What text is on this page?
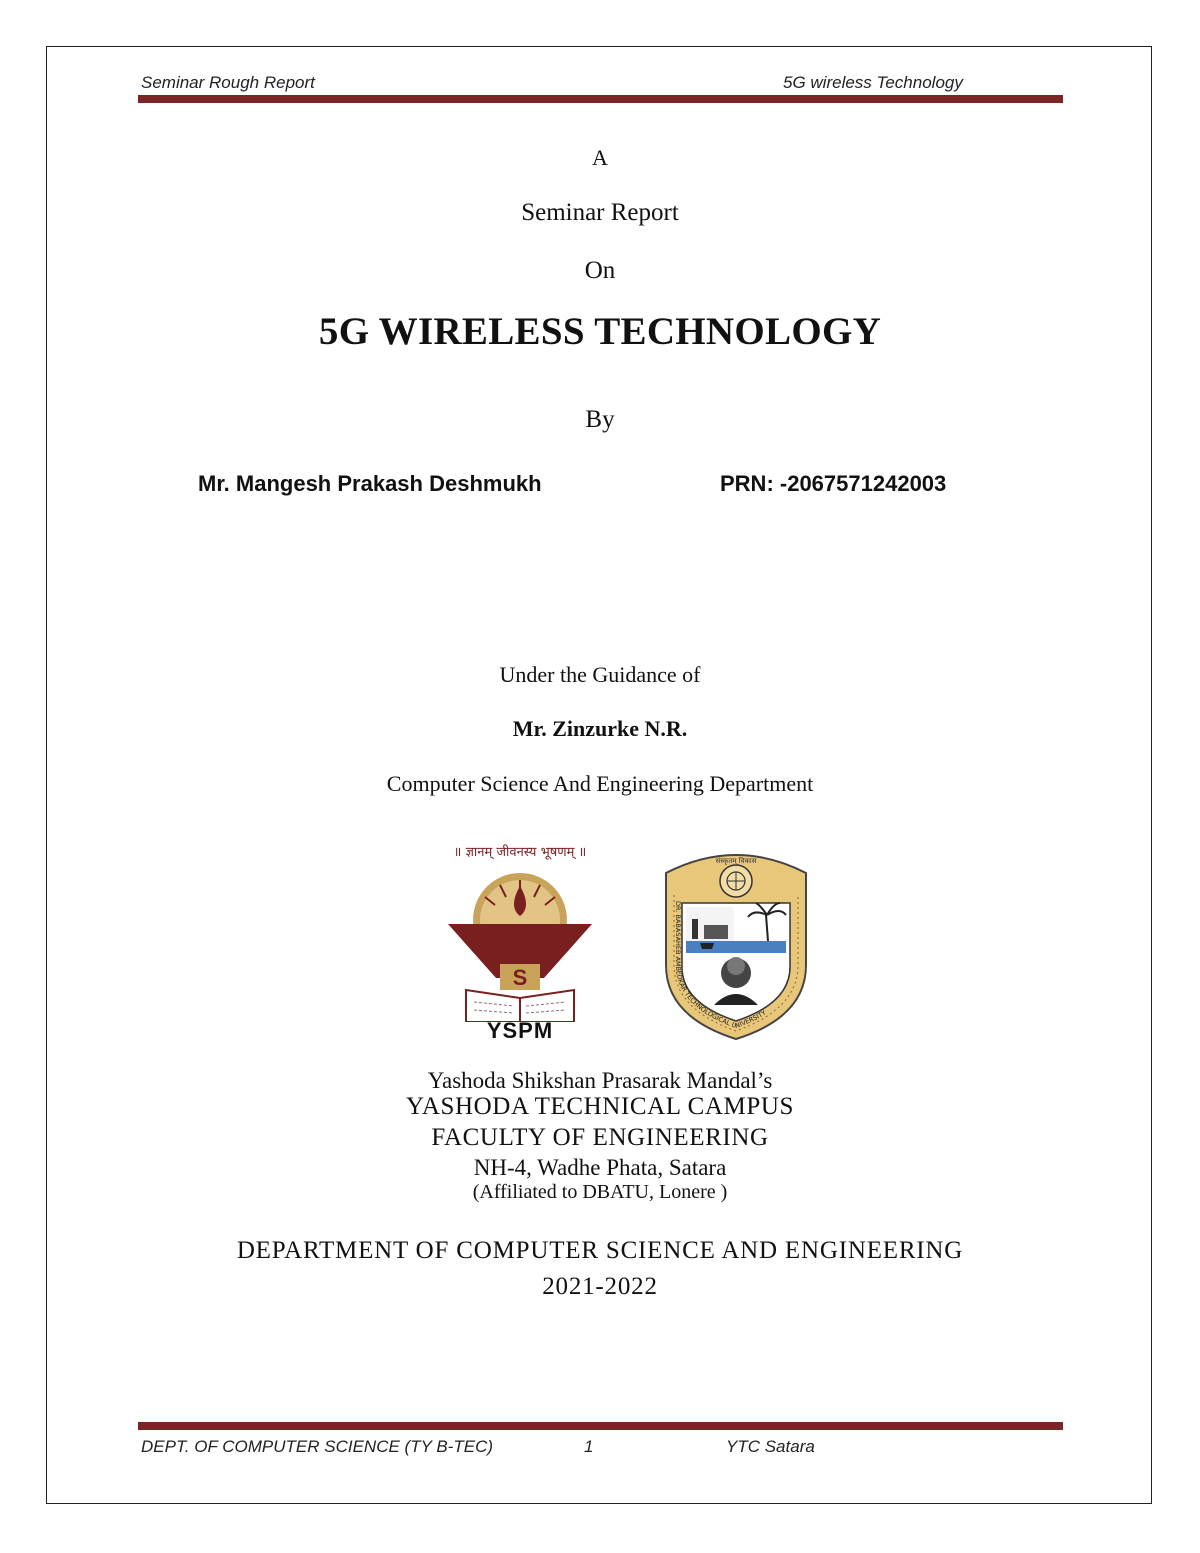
Seminar Rough Report	5G wireless Technology
A
Seminar Report
On
5G WIRELESS TECHNOLOGY
By
Mr. Mangesh Prakash Deshmukh	PRN: -2067571242003
Under the Guidance of
Mr. Zinzurke N.R.
Computer Science And Engineering Department
॥ ज्ञानम् जीवनस्य भूषणम् ॥
S
YSPM
संस्कृतम् विकास
DR. BABASAHEB AMBEDKAR TECHNOLOGICAL UNIVERSITY
Yashoda Shikshan Prasarak Mandal’s
YASHODA TECHNICAL CAMPUS
FACULTY OF ENGINEERING
NH-4, Wadhe Phata, Satara
(Affiliated to DBATU, Lonere )
DEPARTMENT OF COMPUTER SCIENCE AND ENGINEERING
2021-2022
DEPT. OF COMPUTER SCIENCE (TY B-TEC)	1	YTC Satara
